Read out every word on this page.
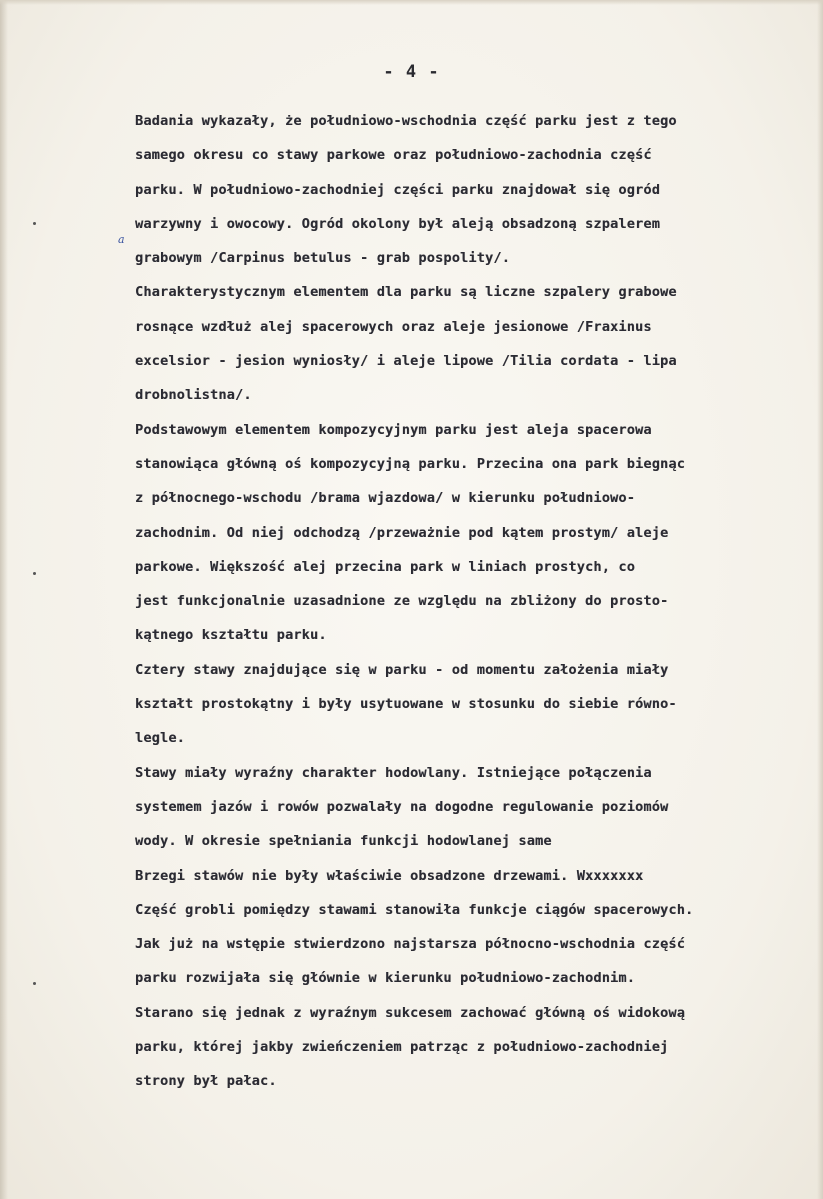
- 4 -
a
Badania wykazały, że południowo-wschodnia część parku jest z tego
samego okresu co stawy parkowe oraz południowo-zachodnia część
parku. W południowo-zachodniej części parku znajdował się ogród
warzywny i owocowy. Ogród okolony był aleją obsadzoną szpalerem
grabowym /Carpinus betulus - grab pospolity/.
Charakterystycznym elementem dla parku są liczne szpalery grabowe
rosnące wzdłuż alej spacerowych oraz aleje jesionowe /Fraxinus
excelsior - jesion wyniosły/ i aleje lipowe /Tilia cordata - lipa
drobnolistna/.
Podstawowym elementem kompozycyjnym parku jest aleja spacerowa
stanowiąca główną oś kompozycyjną parku. Przecina ona park biegnąc
z północnego-wschodu /brama wjazdowa/ w kierunku południowo-
zachodnim. Od niej odchodzą /przeważnie pod kątem prostym/ aleje
parkowe. Większość alej przecina park w liniach prostych, co
jest funkcjonalnie uzasadnione ze względu na zbliżony do prosto-
kątnego kształtu parku.
Cztery stawy znajdujące się w parku - od momentu założenia miały
kształt prostokątny i były usytuowane w stosunku do siebie równo-
legle.
Stawy miały wyraźny charakter hodowlany. Istniejące połączenia
systemem jazów i rowów pozwalały na dogodne regulowanie poziomów
wody. W okresie spełniania funkcji hodowlanej same
Brzegi stawów nie były właściwie obsadzone drzewami. Wxxxxxxx
Część grobli pomiędzy stawami stanowiła funkcje ciągów spacerowych.
Jak już na wstępie stwierdzono najstarsza północno-wschodnia część
parku rozwijała się głównie w kierunku południowo-zachodnim.
Starano się jednak z wyraźnym sukcesem zachować główną oś widokową
parku, której jakby zwieńczeniem patrząc z południowo-zachodniej
strony był pałac.
